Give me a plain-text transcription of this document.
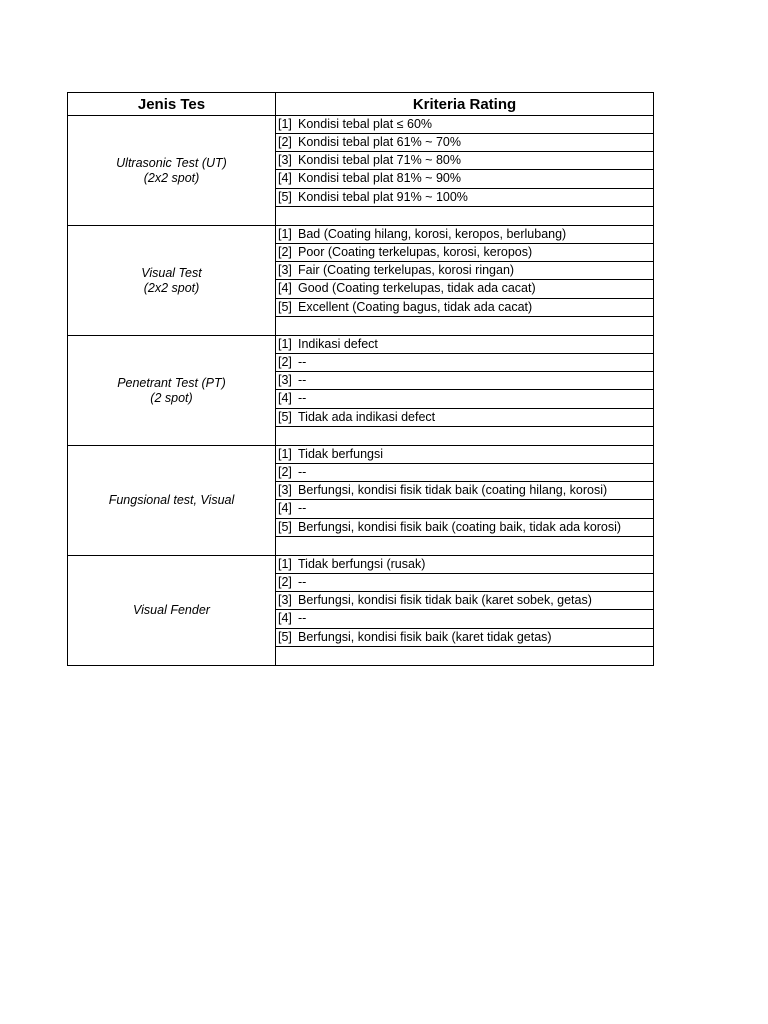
Jenis Tes	Kriteria Rating
Ultrasonic Test (UT)
(2x2 spot)
[1] Kondisi tebal plat ≤ 60%
[2] Kondisi tebal plat 61% ~ 70%
[3] Kondisi tebal plat 71% ~ 80%
[4] Kondisi tebal plat 81% ~ 90%
[5] Kondisi tebal plat 91% ~ 100%
Visual Test
(2x2 spot)
[1] Bad (Coating hilang, korosi, keropos, berlubang)
[2] Poor (Coating terkelupas, korosi, keropos)
[3] Fair (Coating terkelupas, korosi ringan)
[4] Good (Coating terkelupas, tidak ada cacat)
[5] Excellent (Coating bagus, tidak ada cacat)
Penetrant Test (PT)
(2 spot)
[1] Indikasi defect
[2] --
[3] --
[4] --
[5] Tidak ada indikasi defect
Fungsional test, Visual
[1] Tidak berfungsi
[2] --
[3] Berfungsi, kondisi fisik tidak baik (coating hilang, korosi)
[4] --
[5] Berfungsi, kondisi fisik baik (coating baik, tidak ada korosi)
Visual Fender
[1] Tidak berfungsi (rusak)
[2] --
[3] Berfungsi, kondisi fisik tidak baik (karet sobek, getas)
[4] --
[5] Berfungsi, kondisi fisik baik (karet tidak getas)
